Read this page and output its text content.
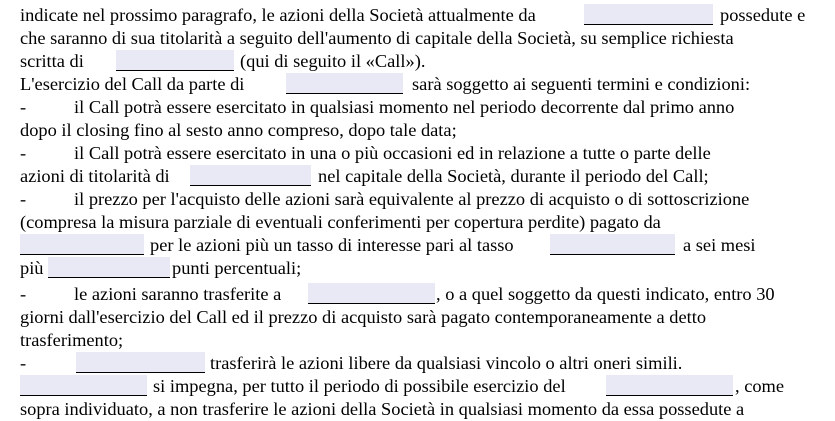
indicate nel prossimo paragrafo, le azioni della Società attualmente da	possedute e
che saranno di sua titolarità a seguito dell'aumento di capitale della Società, su semplice richiesta
scritta di	(qui di seguito il «Call»).
L'esercizio del Call da parte di	sarà soggetto ai seguenti termini e condizioni:
-	il Call potrà essere esercitato in qualsiasi momento nel periodo decorrente dal primo anno
dopo il closing fino al sesto anno compreso, dopo tale data;
-	il Call potrà essere esercitato in una o più occasioni ed in relazione a tutte o parte delle
azioni di titolarità di	nel capitale della Società, durante il periodo del Call;
-	il prezzo per l'acquisto delle azioni sarà equivalente al prezzo di acquisto o di sottoscrizione
(compresa la misura parziale di eventuali conferimenti per copertura perdite) pagato da
per le azioni più un tasso di interesse pari al tasso	a sei mesi
più	punti percentuali;
-	le azioni saranno trasferite a	, o a quel soggetto da questi indicato, entro 30
giorni dall'esercizio del Call ed il prezzo di acquisto sarà pagato contemporaneamente a detto
trasferimento;
-	trasferirà le azioni libere da qualsiasi vincolo o altri oneri simili.
si impegna, per tutto il periodo di possibile esercizio del	, come
sopra individuato, a non trasferire le azioni della Società in qualsiasi momento da essa possedute a
